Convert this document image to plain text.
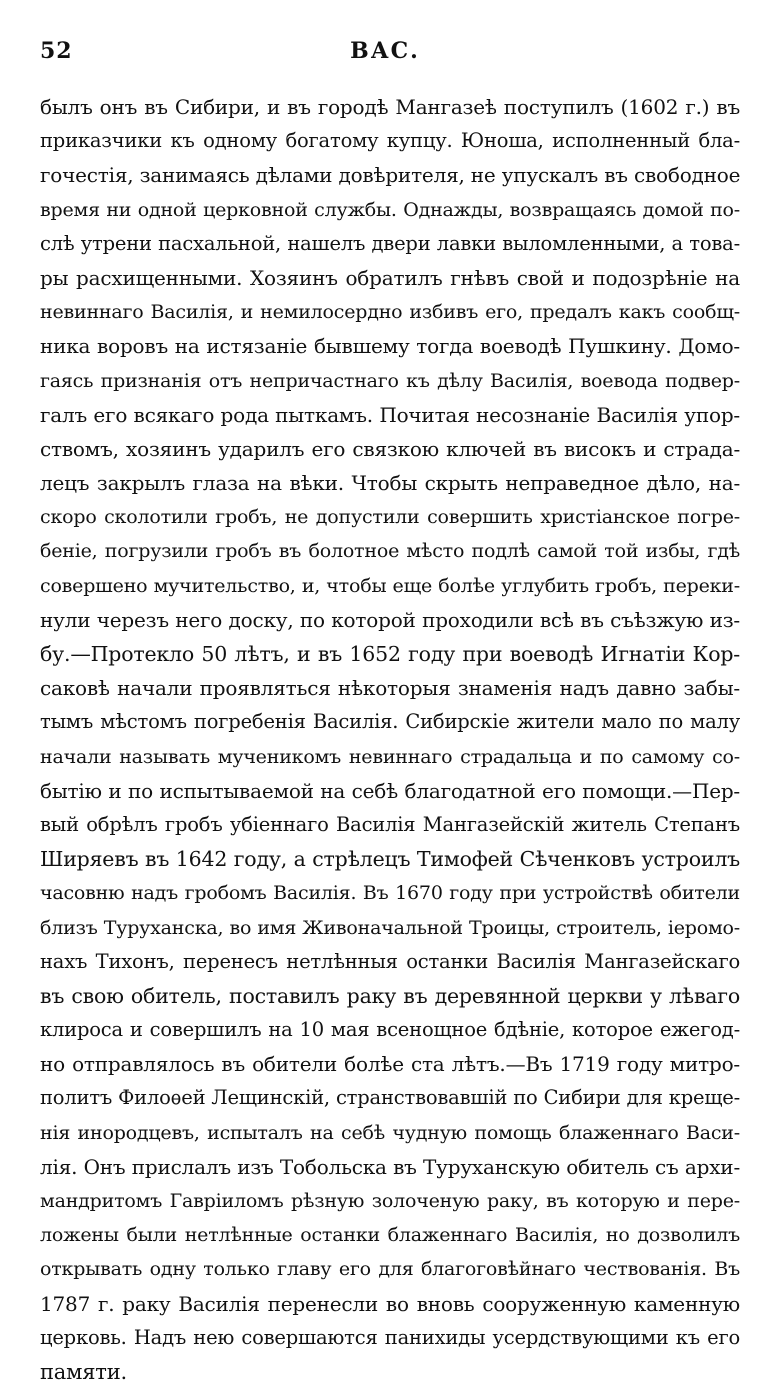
52	ВАС.
былъ онъ въ Сибири, и въ городѣ Мангазеѣ поступилъ (1602 г.) въ
приказчики къ одному богатому купцу. Юноша, исполненный бла-
гочестія, занимаясь дѣлами довѣрителя, не упускалъ въ свободное
время ни одной церковной службы. Однажды, возвращаясь домой по-
слѣ утрени пасхальной, нашелъ двери лавки выломленными, а това-
ры расхищенными. Хозяинъ обратилъ гнѣвъ свой и подозрѣніе на
невиннаго Василія, и немилосердно избивъ его, предалъ какъ сообщ-
ника воровъ на истязаніе бывшему тогда воеводѣ Пушкину. Домо-
гаясь признанія отъ непричастнаго къ дѣлу Василія, воевода подвер-
галъ его всякаго рода пыткамъ. Почитая несознаніе Василія упор-
ствомъ, хозяинъ ударилъ его связкою ключей въ високъ и страда-
лецъ закрылъ глаза на вѣки. Чтобы скрыть неправедное дѣло, на-
скоро сколотили гробъ, не допустили совершить христіанское погре-
беніе, погрузили гробъ въ болотное мѣсто подлѣ самой той избы, гдѣ
совершено мучительство, и, чтобы еще болѣе углубить гробъ, переки-
нули черезъ него доску, по которой проходили всѣ въ съѣзжую из-
бу.—Протекло 50 лѣтъ, и въ 1652 году при воеводѣ Игнатіи Кор-
саковѣ начали проявляться нѣкоторыя знаменія надъ давно забы-
тымъ мѣстомъ погребенія Василія. Сибирскіе жители мало по малу
начали называть мученикомъ невиннаго страдальца и по самому со-
бытію и по испытываемой на себѣ благодатной его помощи.—Пер-
вый обрѣлъ гробъ убіеннаго Василія Мангазейскій житель Степанъ
Ширяевъ въ 1642 году, а стрѣлецъ Тимофей Сѣченковъ устроилъ
часовню надъ гробомъ Василія. Въ 1670 году при устройствѣ обители
близъ Туруханска, во имя Живоначальной Троицы, строитель, іеромо-
нахъ Тихонъ, перенесъ нетлѣнныя останки Василія Мангазейскаго
въ свою обитель, поставилъ раку въ деревянной церкви у лѣваго
клироса и совершилъ на 10 мая всенощное бдѣніе, которое ежегод-
но отправлялось въ обители болѣе ста лѣтъ.—Въ 1719 году митро-
политъ Филоѳей Лещинскій, странствовавшій по Сибири для креще-
нія инородцевъ, испыталъ на себѣ чудную помощь блаженнаго Васи-
лія. Онъ прислалъ изъ Тобольска въ Туруханскую обитель съ архи-
мандритомъ Гавріиломъ рѣзную золоченую раку, въ которую и пере-
ложены были нетлѣнные останки блаженнаго Василія, но дозволилъ
открывать одну только главу его для благоговѣйнаго чествованія. Въ
1787 г. раку Василія перенесли во вновь сооруженную каменную
церковь. Надъ нею совершаются панихиды усердствующими къ его
памяти.
